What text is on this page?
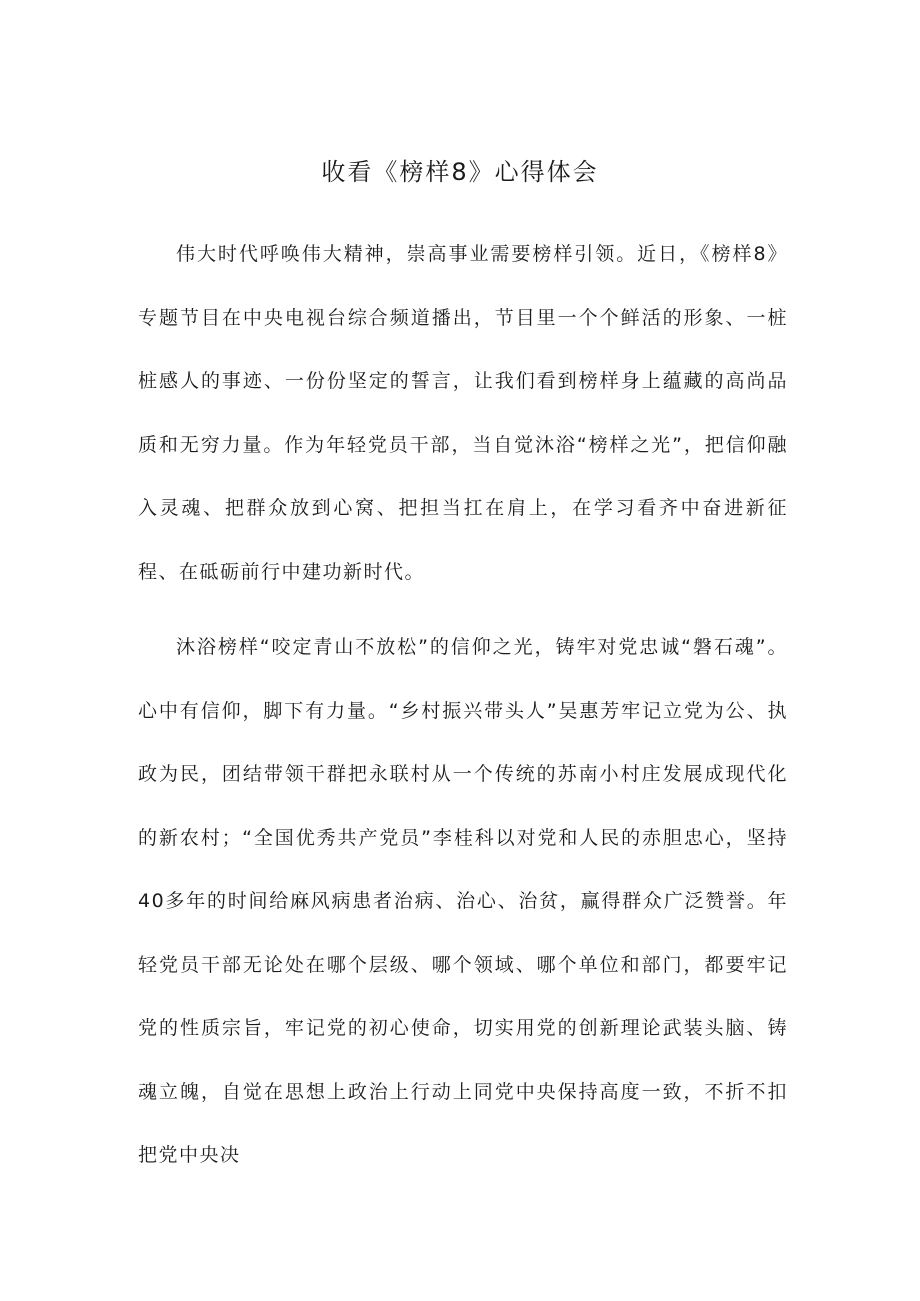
收看《榜样8》心得体会

伟大时代呼唤伟大精神，崇高事业需要榜样引领。近日，《榜样8》专题节目在中央电视台综合频道播出，节目里一个个鲜活的形象、一桩桩感人的事迹、一份份坚定的誓言，让我们看到榜样身上蕴藏的高尚品质和无穷力量。作为年轻党员干部，当自觉沐浴“榜样之光”，把信仰融入灵魂、把群众放到心窝、把担当扛在肩上，在学习看齐中奋进新征程、在砥砺前行中建功新时代。

沐浴榜样“咬定青山不放松”的信仰之光，铸牢对党忠诚“磐石魂”。心中有信仰，脚下有力量。“乡村振兴带头人”吴惠芳牢记立党为公、执政为民，团结带领干群把永联村从一个传统的苏南小村庄发展成现代化的新农村；“全国优秀共产党员”李桂科以对党和人民的赤胆忠心，坚持40多年的时间给麻风病患者治病、治心、治贫，赢得群众广泛赞誉。年轻党员干部无论处在哪个层级、哪个领域、哪个单位和部门，都要牢记党的性质宗旨，牢记党的初心使命，切实用党的创新理论武装头脑、铸魂立魄，自觉在思想上政治上行动上同党中央保持高度一致，不折不扣把党中央决
